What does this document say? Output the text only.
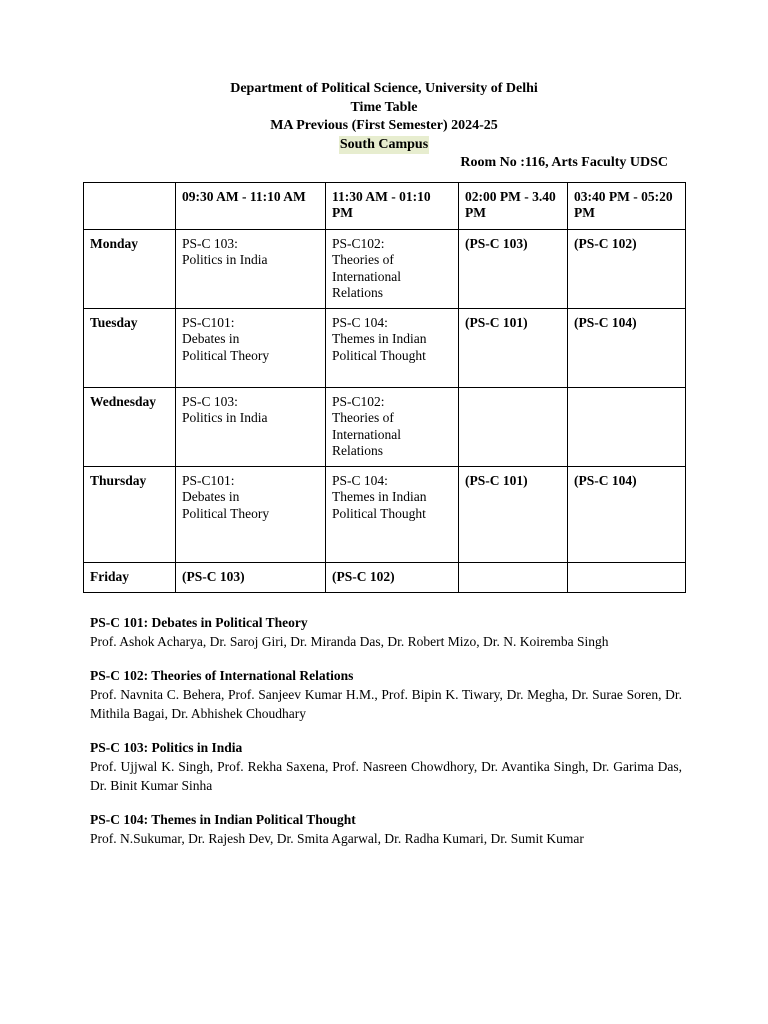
Department of Political Science, University of Delhi
Time Table
MA Previous (First Semester) 2024-25
South Campus
Room No :116, Arts Faculty UDSC
	09:30 AM - 11:10 AM	11:30 AM - 01:10 PM	02:00 PM - 3.40 PM	03:40 PM - 05:20 PM
Monday	PS-C 103:
Politics in India	PS-C102:
Theories of
International
Relations	(PS-C 103)	(PS-C 102)
Tuesday	PS-C101:
Debates in
Political Theory	PS-C 104:
Themes in Indian
Political Thought	(PS-C 101)	(PS-C 104)
Wednesday	PS-C 103:
Politics in India	PS-C102:
Theories of
International
Relations		
Thursday	PS-C101:
Debates in
Political Theory	PS-C 104:
Themes in Indian
Political Thought	(PS-C 101)	(PS-C 104)
Friday	(PS-C 103)	(PS-C 102)		
PS-C 101: Debates in Political Theory
Prof. Ashok Acharya, Dr. Saroj Giri, Dr. Miranda Das, Dr. Robert Mizo, Dr. N. Koiremba Singh
PS-C 102: Theories of International Relations
Prof. Navnita C. Behera, Prof. Sanjeev Kumar H.M., Prof. Bipin K. Tiwary, Dr. Megha, Dr. Surae Soren, Dr. Mithila Bagai, Dr. Abhishek Choudhary
PS-C 103: Politics in India
Prof. Ujjwal K. Singh, Prof. Rekha Saxena, Prof. Nasreen Chowdhory, Dr. Avantika Singh, Dr. Garima Das, Dr. Binit Kumar Sinha
PS-C 104: Themes in Indian Political Thought
Prof. N.Sukumar, Dr. Rajesh Dev, Dr. Smita Agarwal, Dr. Radha Kumari, Dr. Sumit Kumar
